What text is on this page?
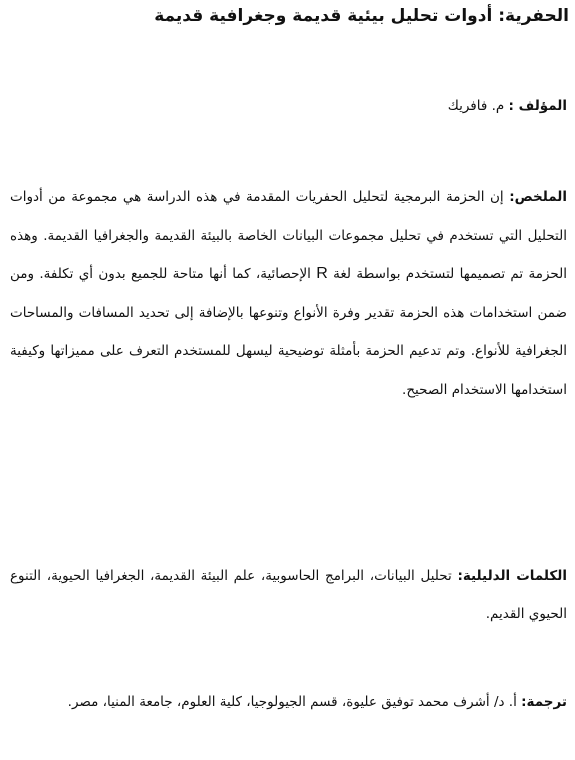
الحفرية: أدوات تحليل بيئية قديمة وجغرافية قديمة

المؤلف : م. فافريك

الملخص: إن الحزمة البرمجية لتحليل الحفريات المقدمة في هذه الدراسة هي مجموعة من أدوات التحليل التي تستخدم في تحليل مجموعات البيانات الخاصة بالبيئة القديمة والجغرافيا القديمة. وهذه الحزمة تم تصميمها لتستخدم بواسطة لغة R الإحصائية، كما أنها متاحة للجميع بدون أي تكلفة. ومن ضمن استخدامات هذه الحزمة تقدير وفرة الأنواع وتنوعها بالإضافة إلى تحديد المسافات والمساحات الجغرافية للأنواع. وتم تدعيم الحزمة بأمثلة توضيحية ليسهل للمستخدم التعرف على مميزاتها وكيفية استخدامها الاستخدام الصحيح.

الكلمات الدليلية: تحليل البيانات، البرامج الحاسوبية، علم البيئة القديمة، الجغرافيا الحيوية، التنوع الحيوي القديم.

ترجمة: أ. د/ أشرف محمد توفيق عليوة، قسم الجيولوجيا، كلية العلوم، جامعة المنيا، مصر.
